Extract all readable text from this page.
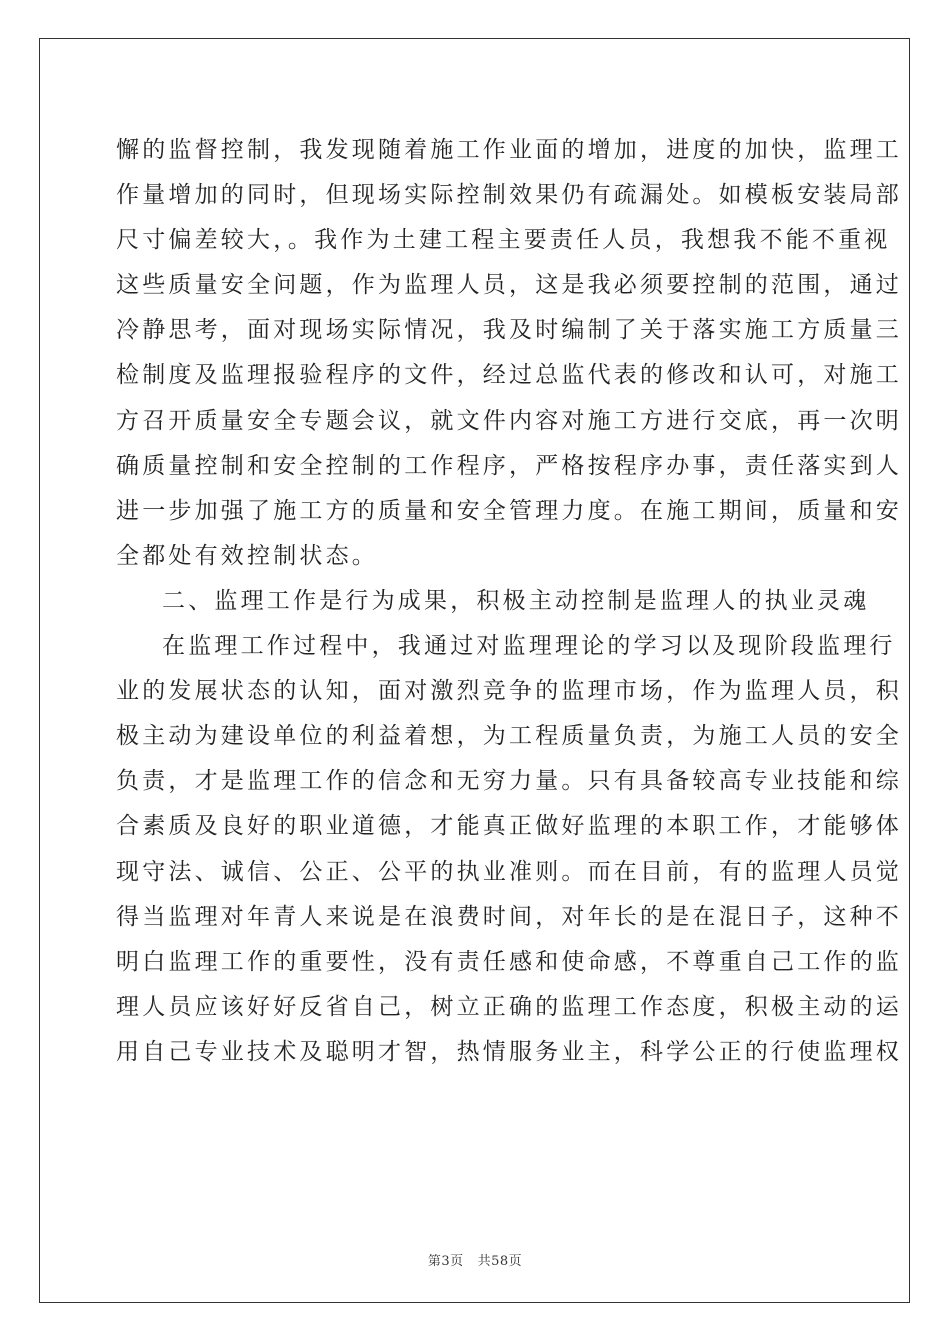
懈的监督控制，我发现随着施工作业面的增加，进度的加快，监理工

作量增加的同时，但现场实际控制效果仍有疏漏处。如模板安装局部

尺寸偏差较大，。我作为土建工程主要责任人员，我想我不能不重视

这些质量安全问题，作为监理人员，这是我必须要控制的范围，通过

冷静思考，面对现场实际情况，我及时编制了关于落实施工方质量三

检制度及监理报验程序的文件，经过总监代表的修改和认可，对施工

方召开质量安全专题会议，就文件内容对施工方进行交底，再一次明

确质量控制和安全控制的工作程序，严格按程序办事，责任落实到人

进一步加强了施工方的质量和安全管理力度。在施工期间，质量和安

全都处有效控制状态。

二、监理工作是行为成果，积极主动控制是监理人的执业灵魂

在监理工作过程中，我通过对监理理论的学习以及现阶段监理行

业的发展状态的认知，面对激烈竞争的监理市场，作为监理人员，积

极主动为建设单位的利益着想，为工程质量负责，为施工人员的安全

负责，才是监理工作的信念和无穷力量。只有具备较高专业技能和综

合素质及良好的职业道德，才能真正做好监理的本职工作，才能够体

现守法、诚信、公正、公平的执业准则。而在目前，有的监理人员觉

得当监理对年青人来说是在浪费时间，对年长的是在混日子，这种不

明白监理工作的重要性，没有责任感和使命感，不尊重自己工作的监

理人员应该好好反省自己，树立正确的监理工作态度，积极主动的运

用自己专业技术及聪明才智，热情服务业主，科学公正的行使监理权

第3页 共58页
